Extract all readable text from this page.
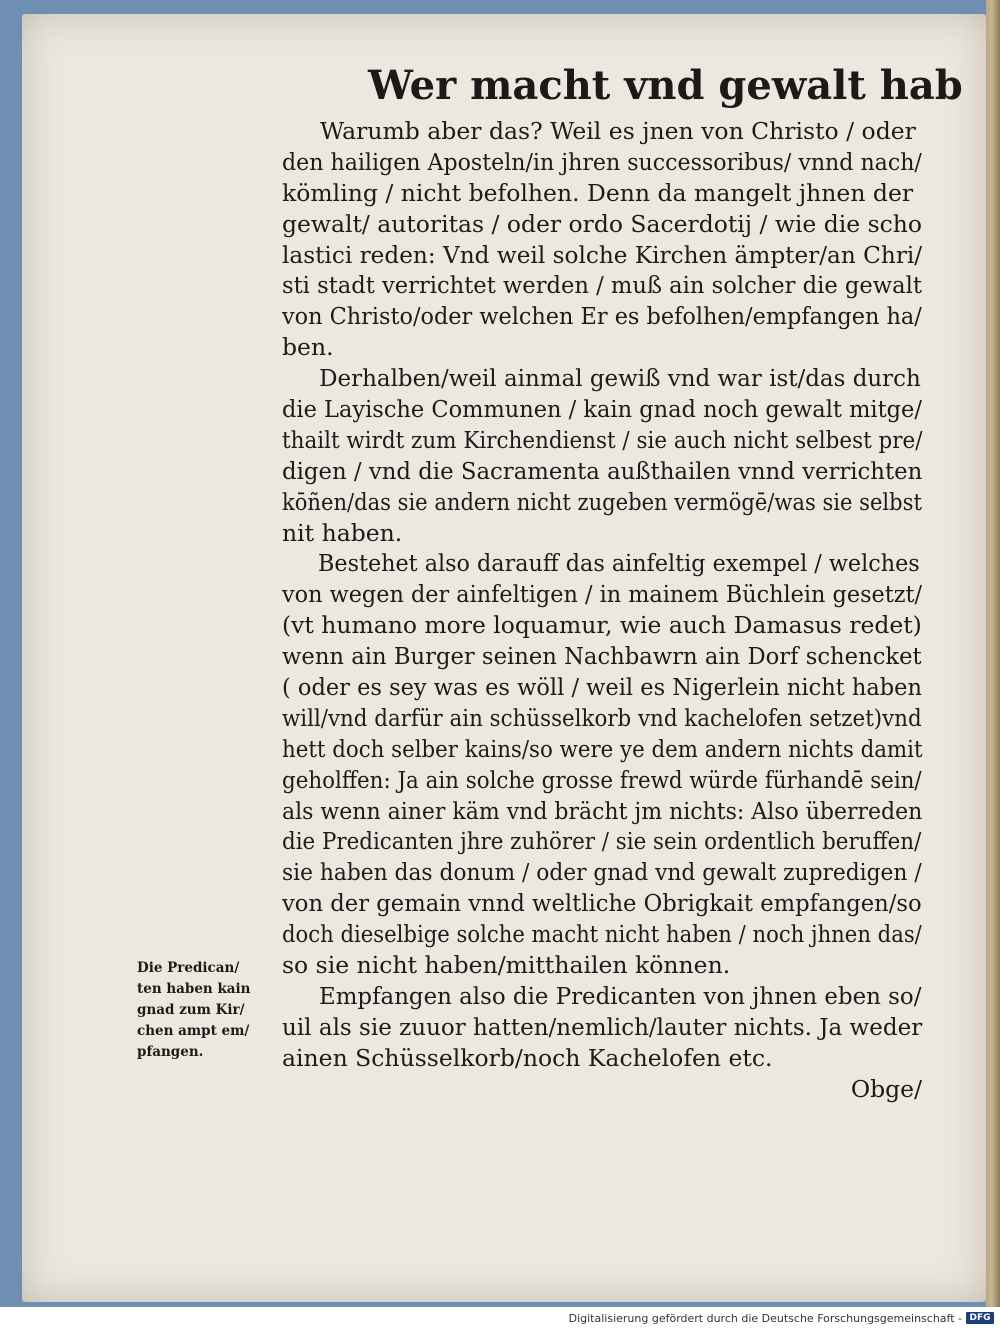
Wer macht vnd gewalt hab
Warumb aber das? Weil es jnen von Christo / oder
den hailigen Aposteln/in jhren successoribus/ vnnd nach/
kömling / nicht befolhen. Denn da mangelt jhnen der
gewalt/ autoritas / oder ordo Sacerdotij / wie die scho
lastici reden: Vnd weil solche Kirchen ämpter/an Chri/
sti stadt verrichtet werden / muß ain solcher die gewalt
von Christo/oder welchen Er es befolhen/empfangen ha/
ben.
Derhalben/weil ainmal gewiß vnd war ist/das durch
die Layische Communen / kain gnad noch gewalt mitge/
thailt wirdt zum Kirchendienst / sie auch nicht selbest pre/
digen / vnd die Sacramenta außthailen vnnd verrichten
kōñen/das sie andern nicht zugeben vermögē/was sie selbst
nit haben.
Bestehet also darauff das ainfeltig exempel / welches
von wegen der ainfeltigen / in mainem Büchlein gesetzt/
(vt humano more loquamur, wie auch Damasus redet)
wenn ain Burger seinen Nachbawrn ain Dorf schencket
( oder es sey was es wöll / weil es Nigerlein nicht haben
will/vnd darfür ain schüsselkorb vnd kachelofen setzet)vnd
hett doch selber kains/so were ye dem andern nichts damit
geholffen: Ja ain solche grosse frewd würde fürhandē sein/
als wenn ainer käm vnd brächt jm nichts: Also überreden
die Predicanten jhre zuhörer / sie sein ordentlich beruffen/
sie haben das donum / oder gnad vnd gewalt zupredigen /
von der gemain vnnd weltliche Obrigkait empfangen/so
doch dieselbige solche macht nicht haben / noch jhnen das/
so sie nicht haben/mitthailen können.
Empfangen also die Predicanten von jhnen eben so/
uil als sie zuuor hatten/nemlich/lauter nichts. Ja weder
ainen Schüsselkorb/noch Kachelofen etc.
Obge/
Die Predican/
ten haben kain
gnad zum Kir/
chen ampt em/
pfangen.
Digitalisierung gefördert durch die Deutsche Forschungsgemeinschaft - DFG
